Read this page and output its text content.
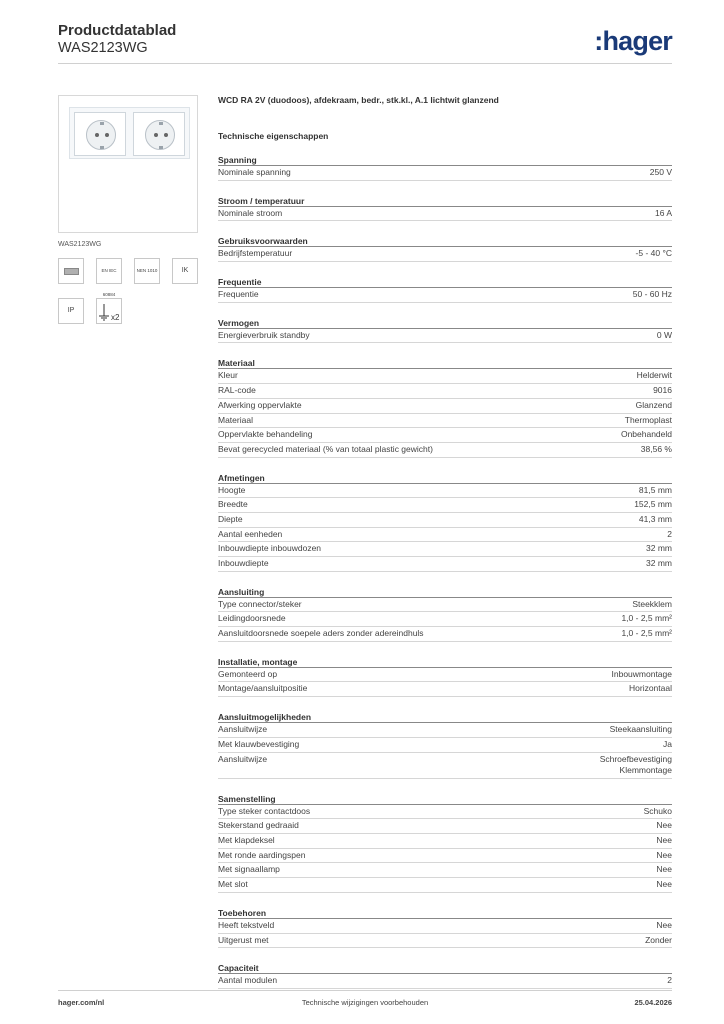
Productdatablad
WAS2123WG	:hager
WAS2123WG
EN IEC 60884
NEN 1010	IK
IP
x2
WCD RA 2V (duodoos), afdekraam, bedr., stk.kl., A.1 lichtwit glanzend
Technische eigenschappen
Spanning
Nominale spanning	250 V
Stroom / temperatuur
Nominale stroom	16 A
Gebruiksvoorwaarden
Bedrijfstemperatuur	-5 - 40 °C
Frequentie
Frequentie	50 - 60 Hz
Vermogen
Energieverbruik standby	0 W
Materiaal
Kleur	Helderwit
RAL-code	9016
Afwerking oppervlakte	Glanzend
Materiaal	Thermoplast
Oppervlakte behandeling	Onbehandeld
Bevat gerecycled materiaal (% van totaal plastic gewicht)	38,56 %
Afmetingen
Hoogte	81,5 mm
Breedte	152,5 mm
Diepte	41,3 mm
Aantal eenheden	2
Inbouwdiepte inbouwdozen	32 mm
Inbouwdiepte	32 mm
Aansluiting
Type connector/steker	Steekklem
Leidingdoorsnede	1,0 - 2,5 mm²
Aansluitdoorsnede soepele aders zonder adereindhuls	1,0 - 2,5 mm²
Installatie, montage
Gemonteerd op	Inbouwmontage
Montage/aansluitpositie	Horizontaal
Aansluitmogelijkheden
Aansluitwijze	Steekaansluiting
Met klauwbevestiging	Ja
Aansluitwijze	Schroefbevestiging
Klemmontage
Samenstelling
Type steker contactdoos	Schuko
Stekerstand gedraaid	Nee
Met klapdeksel	Nee
Met ronde aardingspen	Nee
Met signaallamp	Nee
Met slot	Nee
Toebehoren
Heeft tekstveld	Nee
Uitgerust met	Zonder
Capaciteit
Aantal modulen	2
hager.com/nl	Technische wijzigingen voorbehouden	25.04.2026
